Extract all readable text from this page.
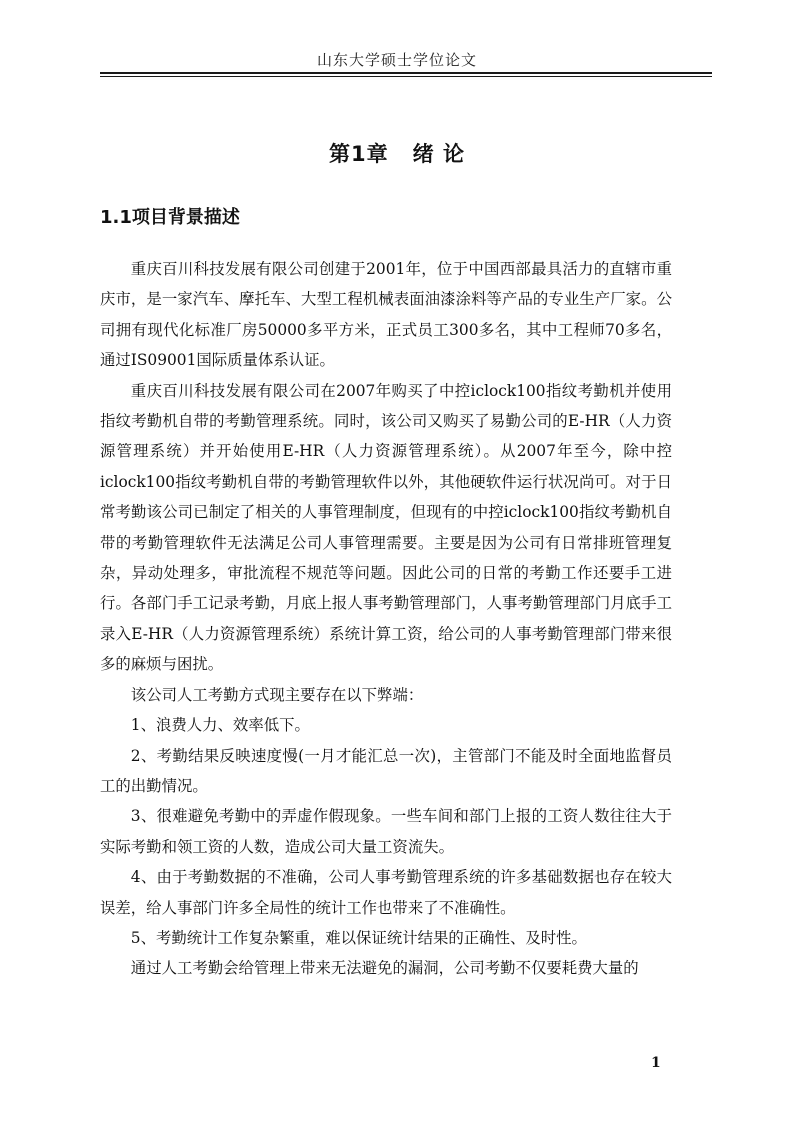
山东大学硕士学位论文
第1章 绪 论
1.1项目背景描述

重庆百川科技发展有限公司创建于2001年，位于中国西部最具活力的直辖市重庆市，是一家汽车、摩托车、大型工程机械表面油漆涂料等产品的专业生产厂家。公司拥有现代化标准厂房50000多平方米，正式员工300多名，其中工程师70多名，通过IS09001国际质量体系认证。

重庆百川科技发展有限公司在2007年购买了中控iclock100指纹考勤机并使用指纹考勤机自带的考勤管理系统。同时，该公司又购买了易勤公司的E-HR（人力资源管理系统）并开始使用E-HR（人力资源管理系统）。从2007年至今，除中控iclock100指纹考勤机自带的考勤管理软件以外，其他硬软件运行状况尚可。对于日常考勤该公司已制定了相关的人事管理制度，但现有的中控iclock100指纹考勤机自带的考勤管理软件无法满足公司人事管理需要。主要是因为公司有日常排班管理复杂，异动处理多，审批流程不规范等问题。因此公司的日常的考勤工作还要手工进行。各部门手工记录考勤，月底上报人事考勤管理部门，人事考勤管理部门月底手工录入E-HR（人力资源管理系统）系统计算工资，给公司的人事考勤管理部门带来很多的麻烦与困扰。

该公司人工考勤方式现主要存在以下弊端：

1、浪费人力、效率低下。

2、考勤结果反映速度慢(一月才能汇总一次)，主管部门不能及时全面地监督员工的出勤情况。

3、很难避免考勤中的弄虚作假现象。一些车间和部门上报的工资人数往往大于实际考勤和领工资的人数，造成公司大量工资流失。

4、由于考勤数据的不准确，公司人事考勤管理系统的许多基础数据也存在较大误差，给人事部门许多全局性的统计工作也带来了不准确性。

5、考勤统计工作复杂繁重，难以保证统计结果的正确性、及时性。

通过人工考勤会给管理上带来无法避免的漏洞，公司考勤不仅要耗费大量的

1
